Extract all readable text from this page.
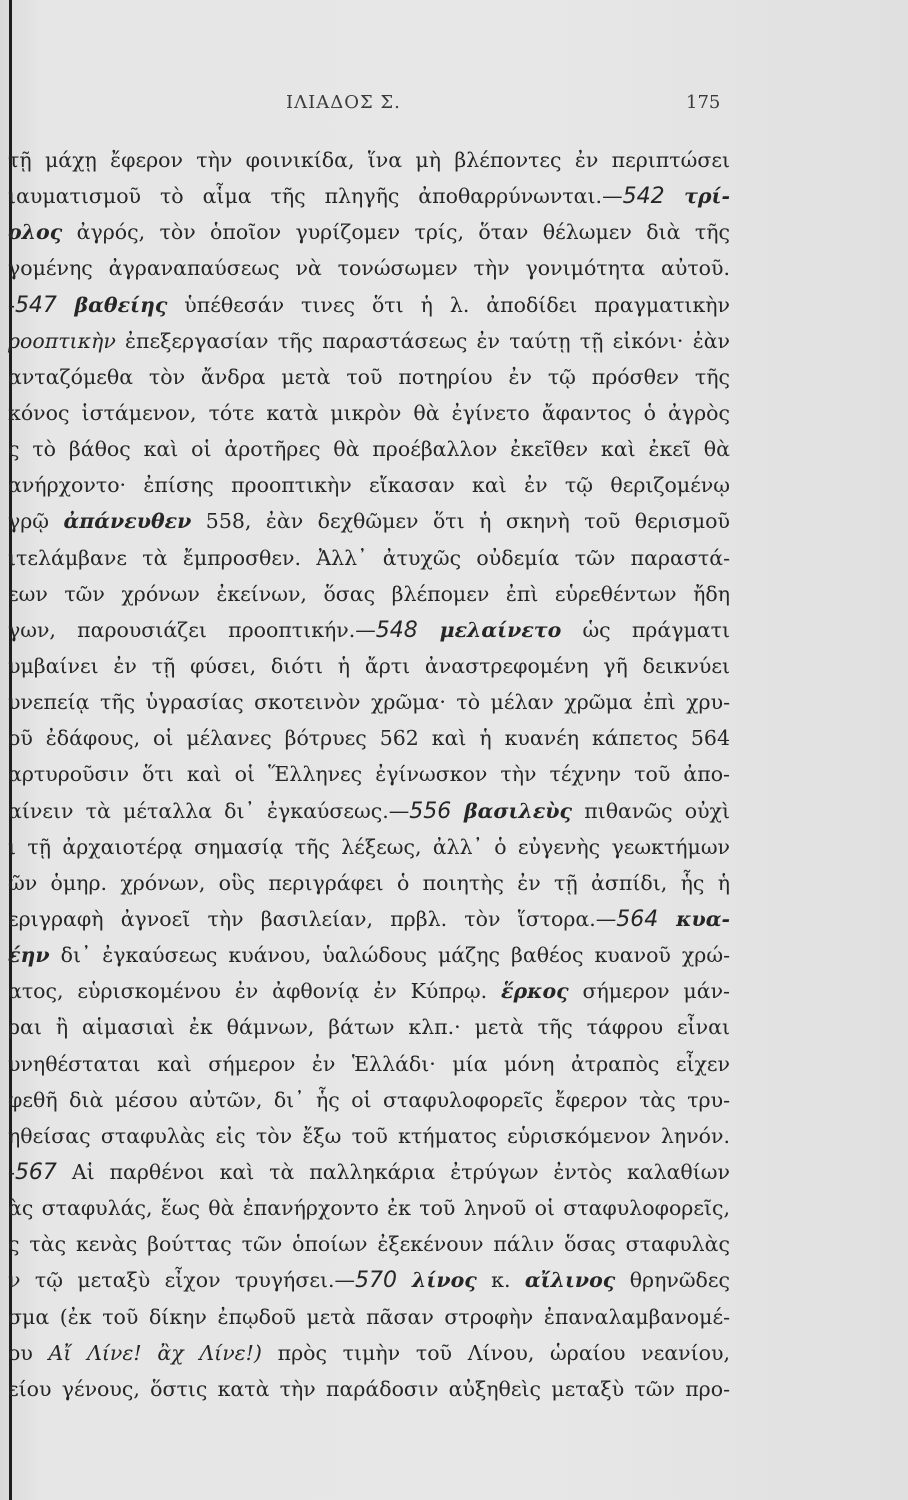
ΙΛΙΑΔΟΣ Σ.	175
τῇ μάχῃ ἔφερον τὴν φοινικίδα, ἵνα μὴ βλέποντες ἐν περιπτώσει
ιαυματισμοῦ τὸ αἷμα τῆς πληγῆς ἀποθαρρύνωνται.—542 τρί-
ολος ἀγρός, τὸν ὁποῖον γυρίζομεν τρίς, ὅταν θέλωμεν διὰ τῆς
γομένης ἀγραναπαύσεως νὰ τονώσωμεν τὴν γονιμότητα αὐτοῦ.
-547 βαθείης ὑπέθεσάν τινες ὅτι ἡ λ. ἀποδίδει πραγματικὴν
ροοπτικὴν ἐπεξεργασίαν τῆς παραστάσεως ἐν ταύτῃ τῇ εἰκόνι· ἐὰν
ανταζόμεθα τὸν ἄνδρα μετὰ τοῦ ποτηρίου ἐν τῷ πρόσθεν τῆς
κόνος ἱστάμενον, τότε κατὰ μικρὸν θὰ ἐγίνετο ἄφαντος ὁ ἀγρὸς
ς τὸ βάθος καὶ οἱ ἀροτῆρες θὰ προέβαλλον ἐκεῖθεν καὶ ἐκεῖ θὰ
ανήρχοντο· ἐπίσης προοπτικὴν εἴκασαν καὶ ἐν τῷ θεριζομένῳ
γρῷ ἀπάνευθεν 558, ἐὰν δεχθῶμεν ὅτι ἡ σκηνὴ τοῦ θερισμοῦ
ιτελάμβανε τὰ ἔμπροσθεν. Ἀλλ᾽ ἀτυχῶς οὐδεμία τῶν παραστά-
εων τῶν χρόνων ἐκείνων, ὅσας βλέπομεν ἐπὶ εὑρεθέντων ἤδη
γων, παρουσιάζει προοπτικήν.—548 μελαίνετο ὡς πράγματι
υμβαίνει ἐν τῇ φύσει, διότι ἡ ἄρτι ἀναστρεφομένη γῆ δεικνύει
υνεπείᾳ τῆς ὑγρασίας σκοτεινὸν χρῶμα· τὸ μέλαν χρῶμα ἐπὶ χρυ-
οῦ ἐδάφους, οἱ μέλανες βότρυες 562 καὶ ἡ κυανέη κάπετος 564
αρτυροῦσιν ὅτι καὶ οἱ Ἕλληνες ἐγίνωσκον τὴν τέχνην τοῦ ἀπο-
αίνειν τὰ μέταλλα δι᾽ ἐγκαύσεως.—556 βασιλεὺς πιθανῶς οὐχὶ
ι τῇ ἀρχαιοτέρᾳ σημασίᾳ τῆς λέξεως, ἀλλ᾽ ὁ εὐγενὴς γεωκτήμων
ῶν ὁμηρ. χρόνων, οὓς περιγράφει ὁ ποιητὴς ἐν τῇ ἀσπίδι, ἧς ἡ
εριγραφὴ ἀγνοεῖ τὴν βασιλείαν, πρβλ. τὸν ἵστορα.—564 κυα-
έην δι᾽ ἐγκαύσεως κυάνου, ὑαλώδους μάζης βαθέος κυανοῦ χρώ-
ατος, εὑρισκομένου ἐν ἀφθονίᾳ ἐν Κύπρῳ. ἕρκος σήμερον μάν-
ραι ἢ αἱμασιαὶ ἐκ θάμνων, βάτων κλπ.· μετὰ τῆς τάφρου εἶναι
υνηθέσταται καὶ σήμερον ἐν Ἑλλάδι· μία μόνη ἀτραπὸς εἶχεν
φεθῆ διὰ μέσου αὐτῶν, δι᾽ ἧς οἱ σταφυλοφορεῖς ἔφερον τὰς τρυ-
ηθείσας σταφυλὰς εἰς τὸν ἔξω τοῦ κτήματος εὑρισκόμενον ληνόν.
-567 Αἱ παρθένοι καὶ τὰ παλληκάρια ἐτρύγων ἐντὸς καλαθίων
ὰς σταφυλάς, ἕως θὰ ἐπανήρχοντο ἐκ τοῦ ληνοῦ οἱ σταφυλοφορεῖς,
ς τὰς κενὰς βούττας τῶν ὁποίων ἐξεκένουν πάλιν ὅσας σταφυλὰς
ν τῷ μεταξὺ εἶχον τρυγήσει.—570 λίνος κ. αἴλινος θρηνῶδες
σμα (ἐκ τοῦ δίκην ἐπῳδοῦ μετὰ πᾶσαν στροφὴν ἐπαναλαμβανομέ-
ου Αἴ Λίνε! ἂχ Λίνε!) πρὸς τιμὴν τοῦ Λίνου, ὡραίου νεανίου,
είου γένους, ὅστις κατὰ τὴν παράδοσιν αὐξηθεὶς μεταξὺ τῶν προ-
